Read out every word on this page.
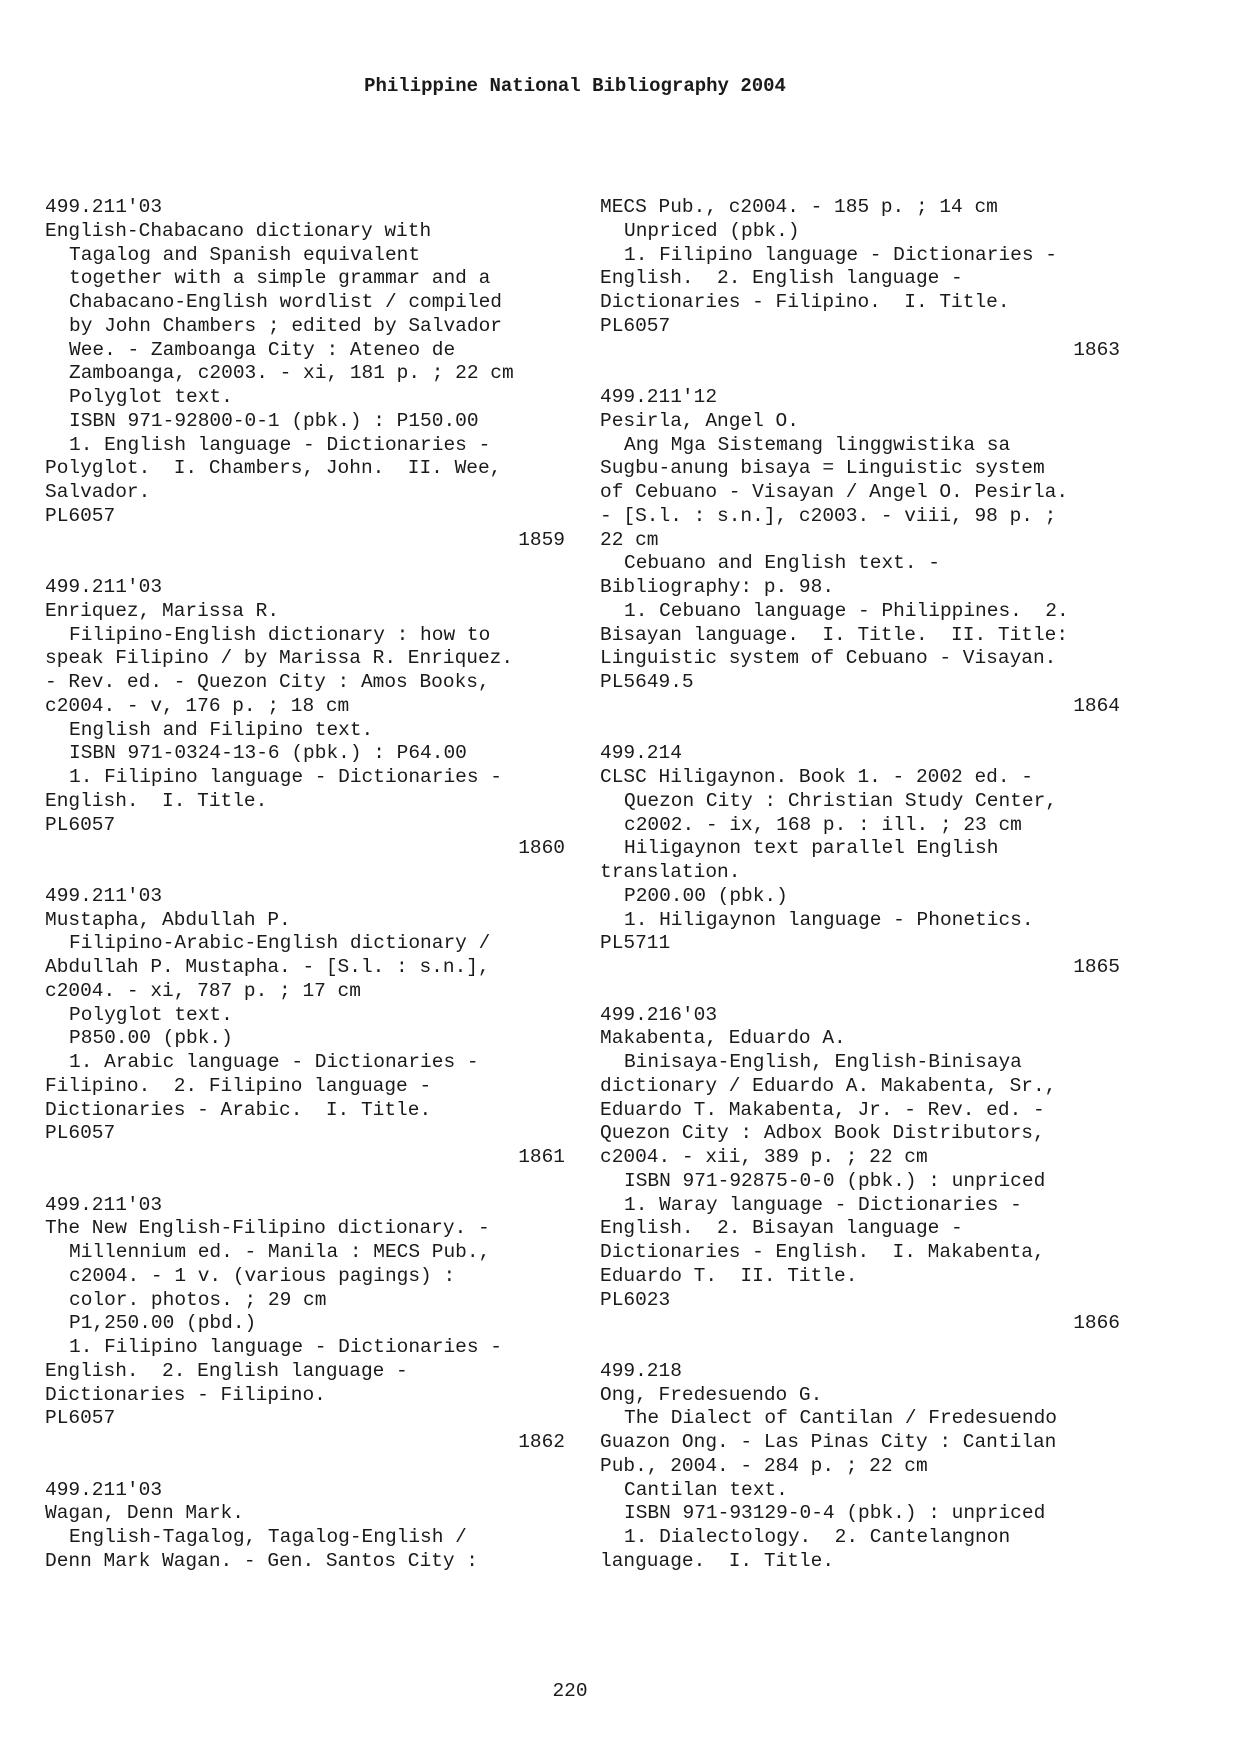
Philippine National Bibliography 2004
499.211'03
English-Chabacano dictionary with
Tagalog and Spanish equivalent
together with a simple grammar and a
Chabacano-English wordlist / compiled
by John Chambers ; edited by Salvador
Wee. - Zamboanga City : Ateneo de
Zamboanga, c2003. - xi, 181 p. ; 22 cm
Polyglot text.
ISBN 971-92800-0-1 (pbk.) : P150.00
1. English language - Dictionaries -
Polyglot.  I. Chambers, John.  II. Wee,
Salvador.
PL6057
1859
499.211'03
Enriquez, Marissa R.
Filipino-English dictionary : how to
speak Filipino / by Marissa R. Enriquez.
- Rev. ed. - Quezon City : Amos Books,
c2004. - v, 176 p. ; 18 cm
English and Filipino text.
ISBN 971-0324-13-6 (pbk.) : P64.00
1. Filipino language - Dictionaries -
English.  I. Title.
PL6057
1860
499.211'03
Mustapha, Abdullah P.
Filipino-Arabic-English dictionary /
Abdullah P. Mustapha. - [S.l. : s.n.],
c2004. - xi, 787 p. ; 17 cm
Polyglot text.
P850.00 (pbk.)
1. Arabic language - Dictionaries -
Filipino.  2. Filipino language -
Dictionaries - Arabic.  I. Title.
PL6057
1861
499.211'03
The New English-Filipino dictionary. -
Millennium ed. - Manila : MECS Pub.,
c2004. - 1 v. (various pagings) :
color. photos. ; 29 cm
P1,250.00 (pbd.)
1. Filipino language - Dictionaries -
English.  2. English language -
Dictionaries - Filipino.
PL6057
1862
499.211'03
Wagan, Denn Mark.
English-Tagalog, Tagalog-English /
Denn Mark Wagan. - Gen. Santos City :
MECS Pub., c2004. - 185 p. ; 14 cm
Unpriced (pbk.)
1. Filipino language - Dictionaries -
English.  2. English language -
Dictionaries - Filipino.  I. Title.
PL6057
1863
499.211'12
Pesirla, Angel O.
Ang Mga Sistemang linggwistika sa
Sugbu-anung bisaya = Linguistic system
of Cebuano - Visayan / Angel O. Pesirla.
- [S.l. : s.n.], c2003. - viii, 98 p. ;
22 cm
Cebuano and English text. -
Bibliography: p. 98.
1. Cebuano language - Philippines.  2.
Bisayan language.  I. Title.  II. Title:
Linguistic system of Cebuano - Visayan.
PL5649.5
1864
499.214
CLSC Hiligaynon. Book 1. - 2002 ed. -
Quezon City : Christian Study Center,
c2002. - ix, 168 p. : ill. ; 23 cm
Hiligaynon text parallel English
translation.
P200.00 (pbk.)
1. Hiligaynon language - Phonetics.
PL5711
1865
499.216'03
Makabenta, Eduardo A.
Binisaya-English, English-Binisaya
dictionary / Eduardo A. Makabenta, Sr.,
Eduardo T. Makabenta, Jr. - Rev. ed. -
Quezon City : Adbox Book Distributors,
c2004. - xii, 389 p. ; 22 cm
ISBN 971-92875-0-0 (pbk.) : unpriced
1. Waray language - Dictionaries -
English.  2. Bisayan language -
Dictionaries - English.  I. Makabenta,
Eduardo T.  II. Title.
PL6023
1866
499.218
Ong, Fredesuendo G.
The Dialect of Cantilan / Fredesuendo
Guazon Ong. - Las Pinas City : Cantilan
Pub., 2004. - 284 p. ; 22 cm
Cantilan text.
ISBN 971-93129-0-4 (pbk.) : unpriced
1. Dialectology.  2. Cantelangnon
language.  I. Title.
220
